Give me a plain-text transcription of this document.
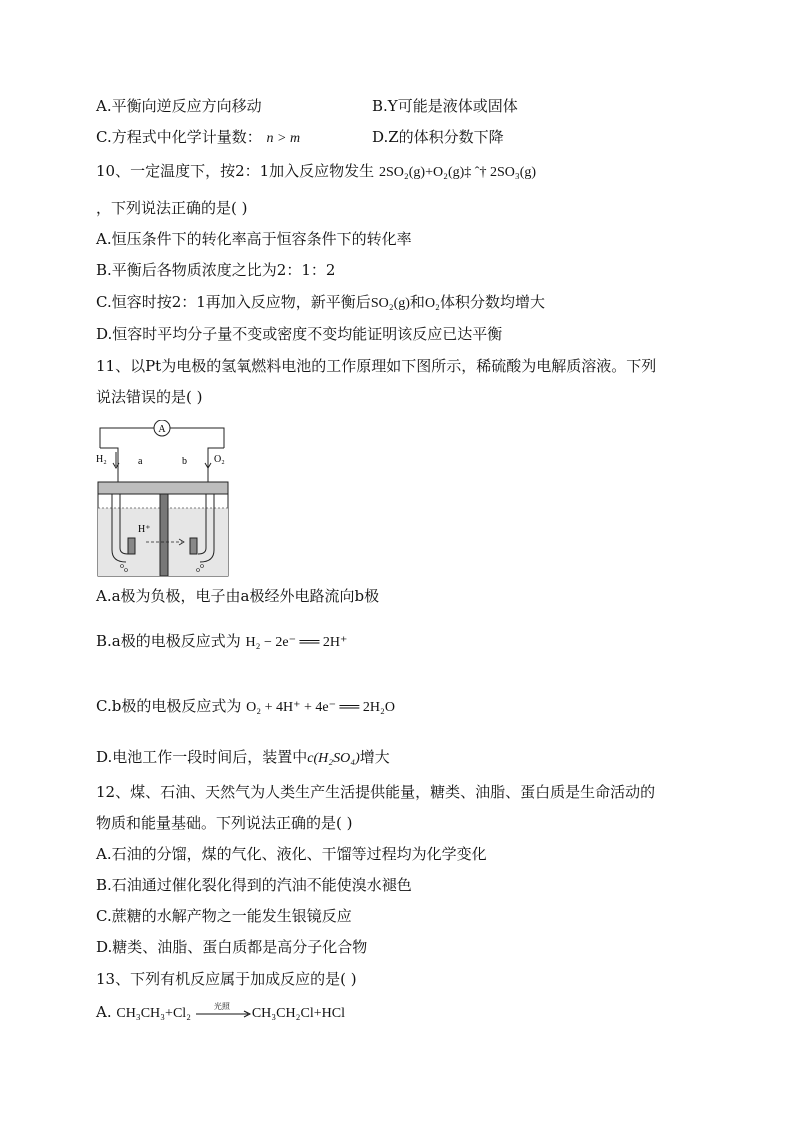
A.平衡向逆反应方向移动	B.Y可能是液体或固体
C.方程式中化学计量数： n > m	D.Z的体积分数下降
10、一定温度下，按2：1加入反应物发生 2SO₂(g)+O₂(g)‡ ˆ† 2SO₃(g)
，下列说法正确的是( )
A.恒压条件下的转化率高于恒容条件下的转化率
B.平衡后各物质浓度之比为2：1：2
C.恒容时按2：1再加入反应物，新平衡后SO₂(g)和O₂体积分数均增大
D.恒容时平均分子量不变或密度不变均能证明该反应已达平衡
11、以Pt为电极的氢氧燃料电池的工作原理如下图所示，稀硫酸为电解质溶液。下列
说法错误的是( )
A
H₂	a	b	O₂
H⁺
A.a极为负极，电子由a极经外电路流向b极
B.a极的电极反应式为 H₂ − 2e⁻ ══ 2H⁺
C.b极的电极反应式为 O₂ + 4H⁺ + 4e⁻ ══ 2H₂O
D.电池工作一段时间后，装置中c(H₂SO₄)增大
12、煤、石油、天然气为人类生产生活提供能量，糖类、油脂、蛋白质是生命活动的
物质和能量基础。下列说法正确的是( )
A.石油的分馏，煤的气化、液化、干馏等过程均为化学变化
B.石油通过催化裂化得到的汽油不能使溴水褪色
C.蔗糖的水解产物之一能发生银镜反应
D.糖类、油脂、蛋白质都是高分子化合物
13、下列有机反应属于加成反应的是( )
A. CH₃CH₃+Cl₂	光照 CH₃CH₂Cl+HCl
